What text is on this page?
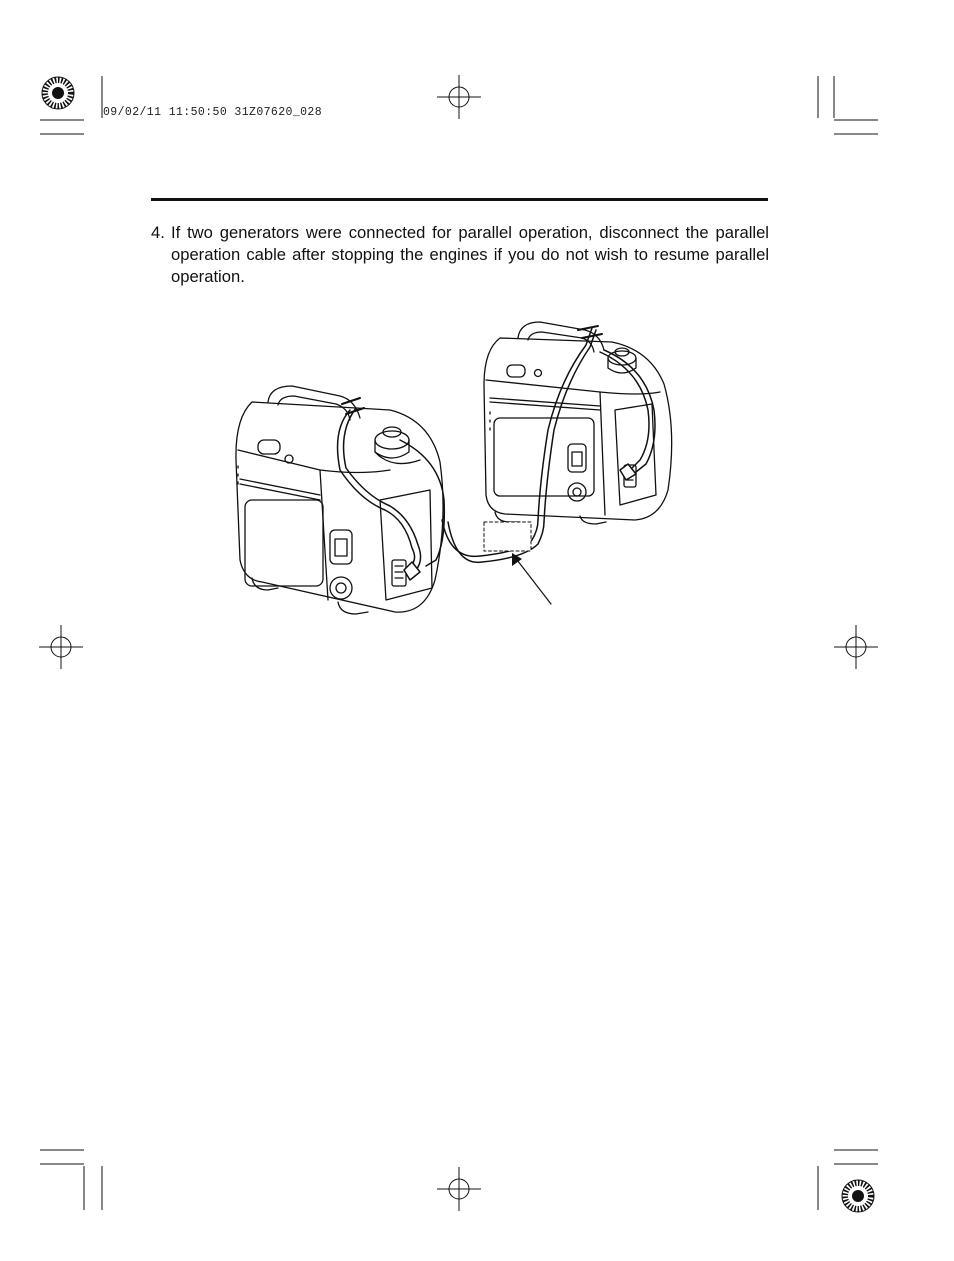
09/02/11 11:50:50 31Z07620_028
4. If two generators were connected for parallel operation, disconnect the parallel operation cable after stopping the engines if you do not wish to resume parallel operation.
